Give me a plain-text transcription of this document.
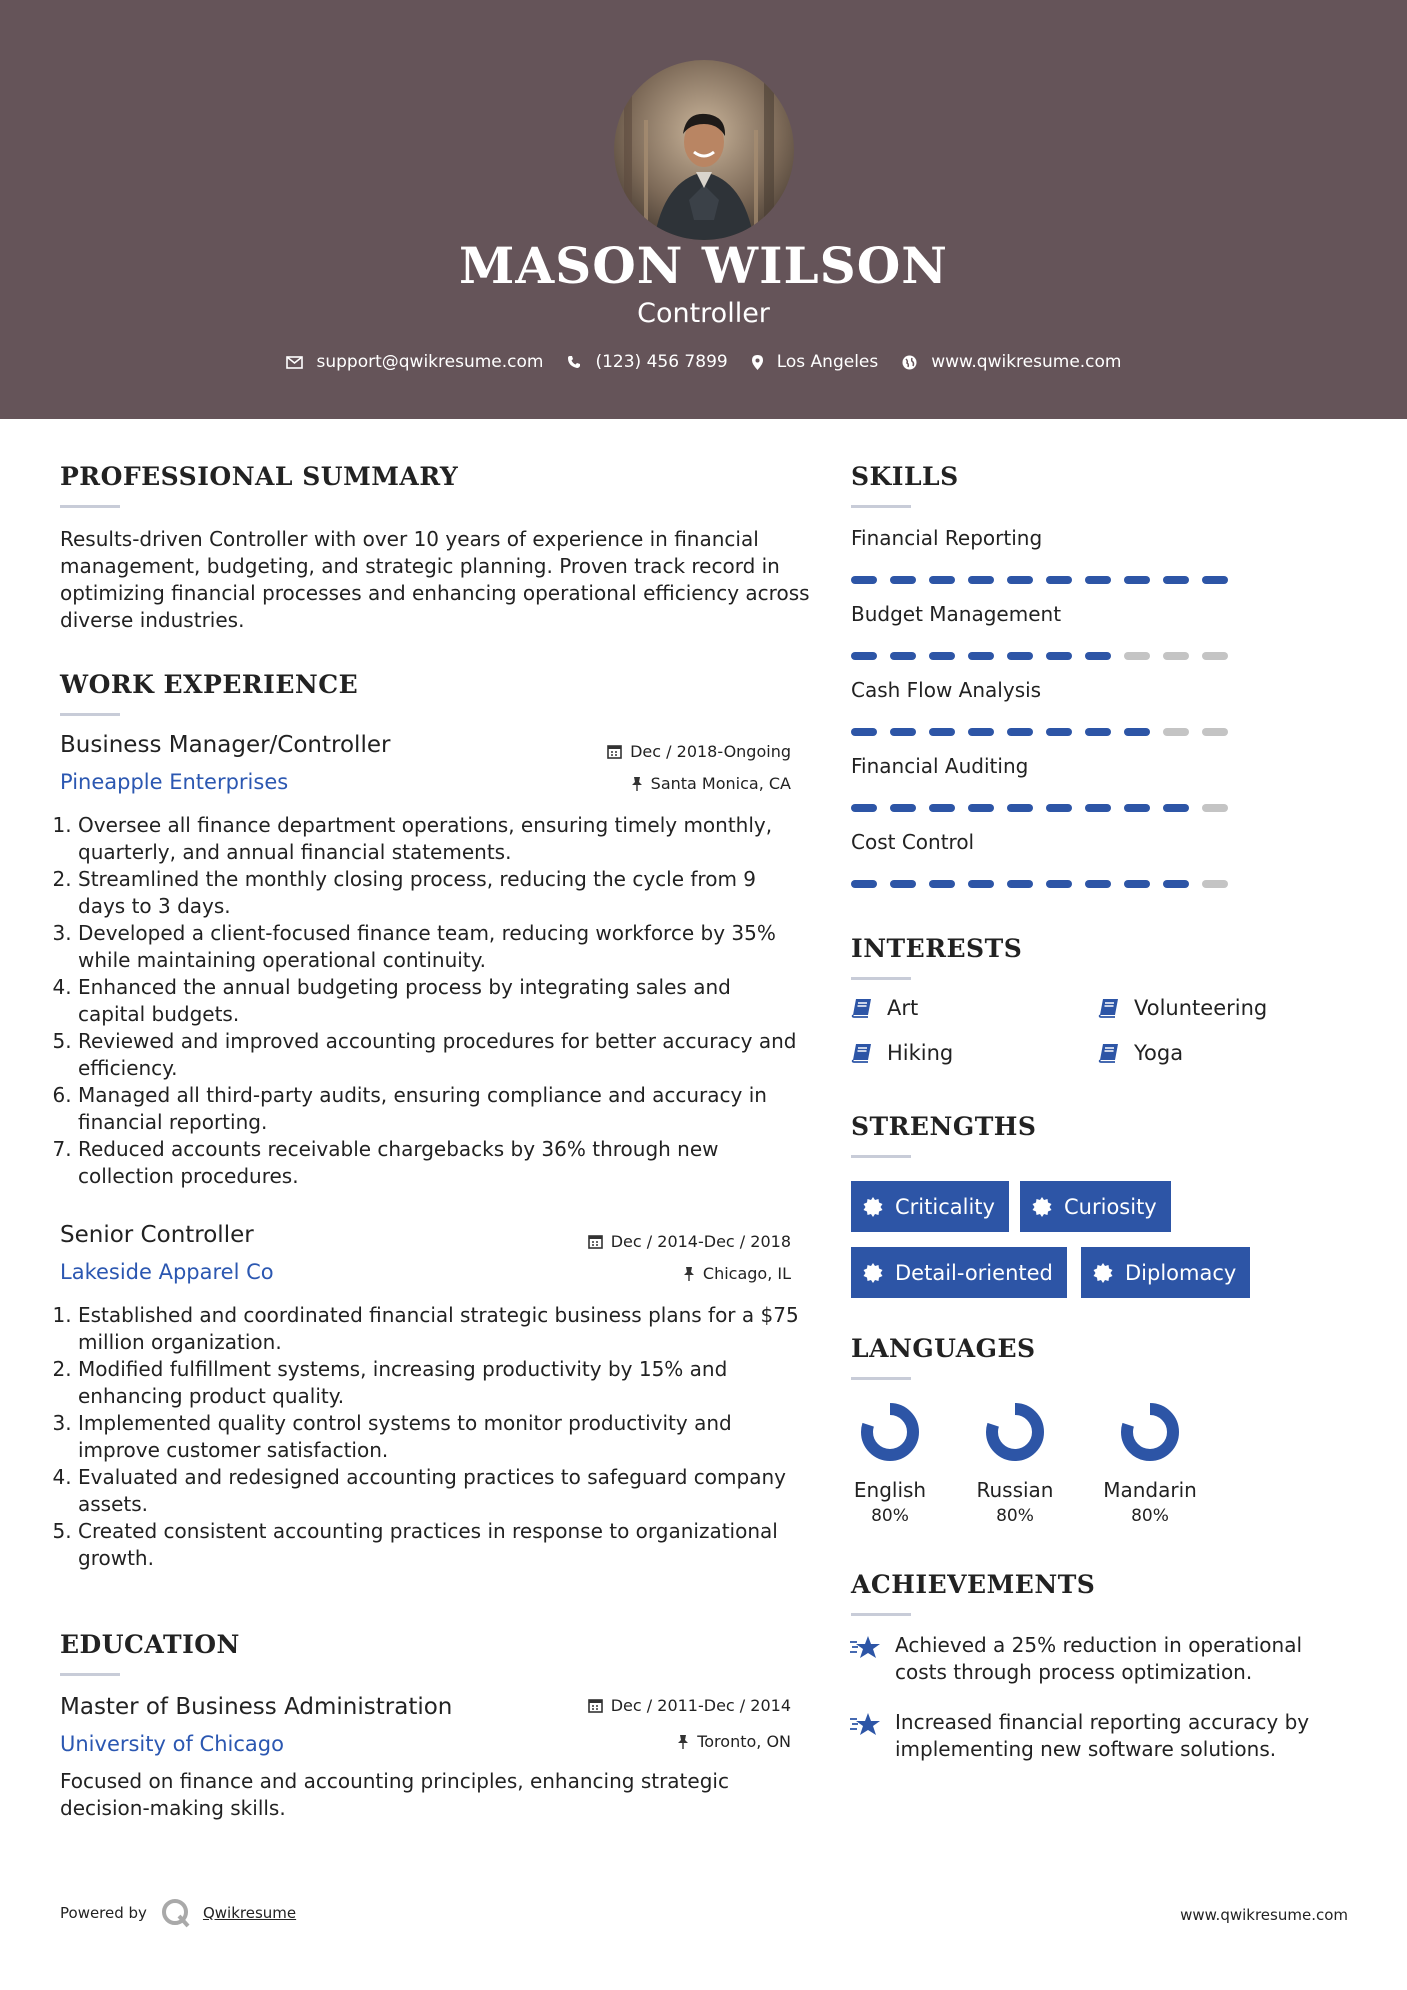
MASON WILSON
Controller
support@qwikresume.com	(123) 456 7899	Los Angeles	www.qwikresume.com
PROFESSIONAL SUMMARY
Results-driven Controller with over 10 years of experience in financial management, budgeting, and strategic planning. Proven track record in optimizing financial processes and enhancing operational efficiency across diverse industries.
WORK EXPERIENCE
Business Manager/Controller
Pineapple Enterprises
Dec / 2018-Ongoing
Santa Monica, CA
1. Oversee all finance department operations, ensuring timely monthly, quarterly, and annual financial statements.
2. Streamlined the monthly closing process, reducing the cycle from 9 days to 3 days.
3. Developed a client-focused finance team, reducing workforce by 35% while maintaining operational continuity.
4. Enhanced the annual budgeting process by integrating sales and capital budgets.
5. Reviewed and improved accounting procedures for better accuracy and efficiency.
6. Managed all third-party audits, ensuring compliance and accuracy in financial reporting.
7. Reduced accounts receivable chargebacks by 36% through new collection procedures.
Senior Controller
Lakeside Apparel Co
Dec / 2014-Dec / 2018
Chicago, IL
1. Established and coordinated financial strategic business plans for a $75 million organization.
2. Modified fulfillment systems, increasing productivity by 15% and enhancing product quality.
3. Implemented quality control systems to monitor productivity and improve customer satisfaction.
4. Evaluated and redesigned accounting practices to safeguard company assets.
5. Created consistent accounting practices in response to organizational growth.
EDUCATION
Master of Business Administration
University of Chicago
Dec / 2011-Dec / 2014
Toronto, ON
Focused on finance and accounting principles, enhancing strategic decision-making skills.
SKILLS
Financial Reporting
Budget Management
Cash Flow Analysis
Financial Auditing
Cost Control
INTERESTS
Art	Volunteering
Hiking	Yoga
STRENGTHS
Criticality	Curiosity
Detail-oriented	Diplomacy
LANGUAGES
English
80%
Russian
80%
Mandarin
80%
ACHIEVEMENTS
Achieved a 25% reduction in operational costs through process optimization.
Increased financial reporting accuracy by implementing new software solutions.
Powered by	Qwikresume	www.qwikresume.com
